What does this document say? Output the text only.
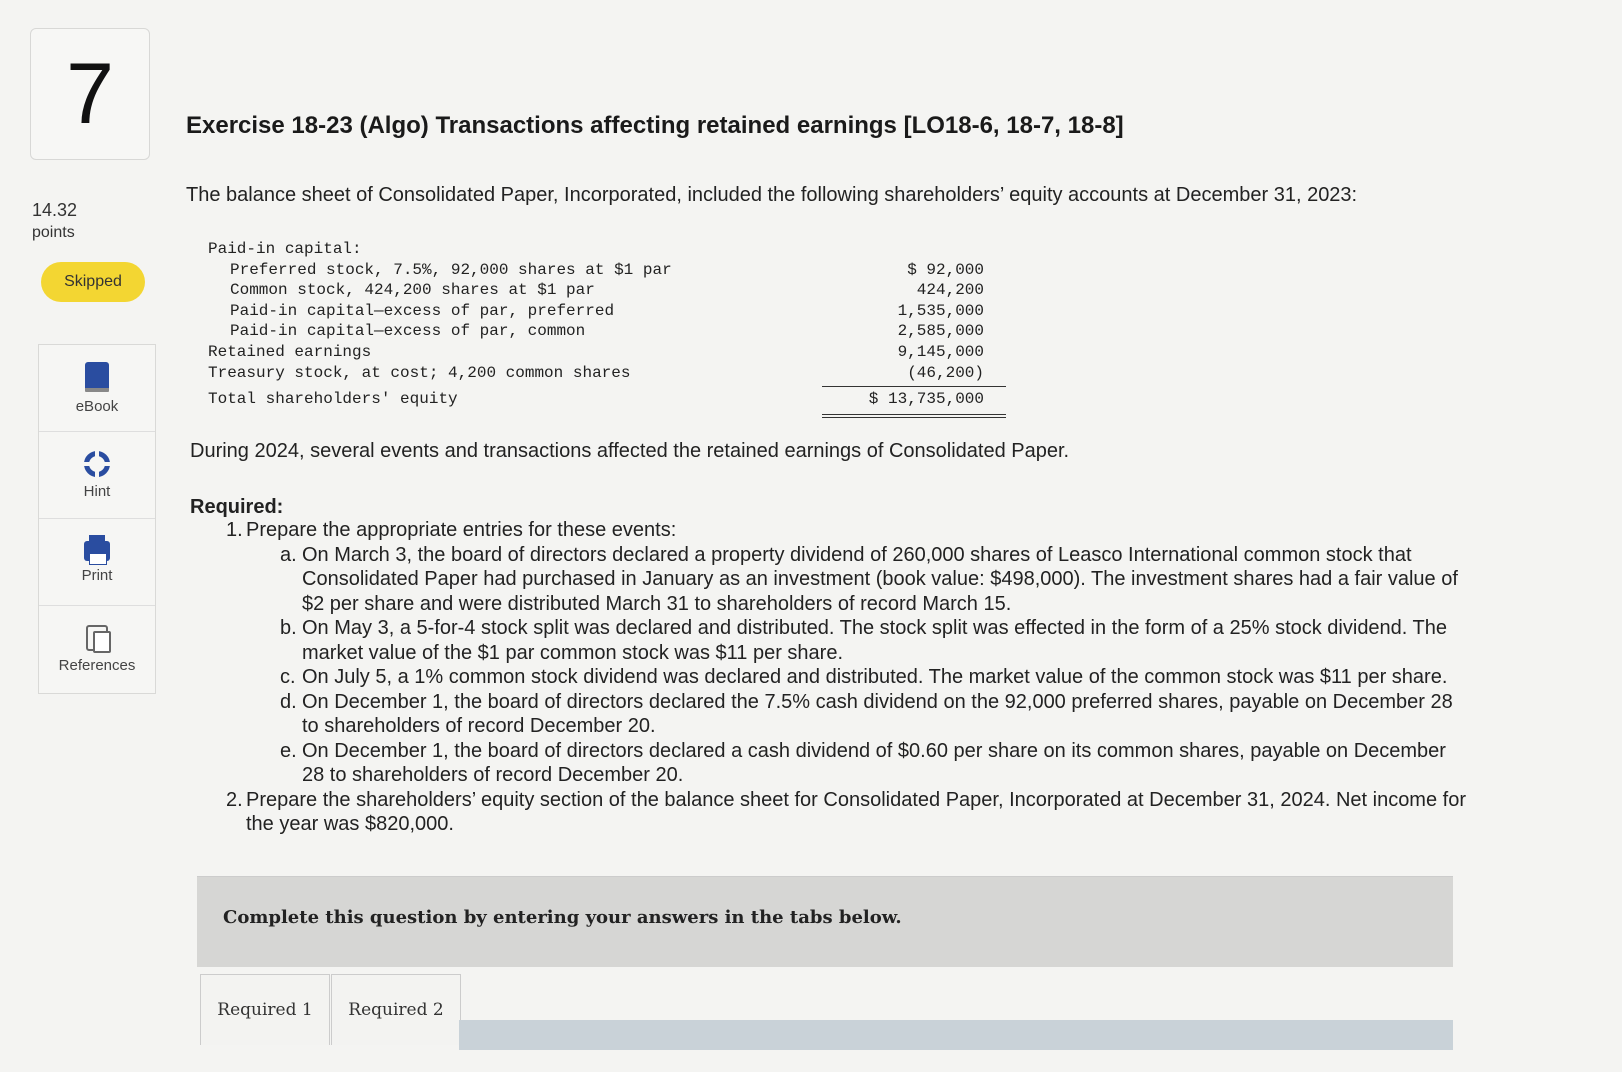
7
14.32
points
Skipped
eBook
Hint
Print
References
Exercise 18-23 (Algo) Transactions affecting retained earnings [LO18-6, 18-7, 18-8]
The balance sheet of Consolidated Paper, Incorporated, included the following shareholders’ equity accounts at December 31, 2023:
Paid-in capital:
Preferred stock, 7.5%, 92,000 shares at $1 par	$ 92,000
Common stock, 424,200 shares at $1 par	424,200
Paid-in capital—excess of par, preferred	1,535,000
Paid-in capital—excess of par, common	2,585,000
Retained earnings	9,145,000
Treasury stock, at cost; 4,200 common shares	(46,200)
Total shareholders' equity	$ 13,735,000
During 2024, several events and transactions affected the retained earnings of Consolidated Paper.
Required:
1. Prepare the appropriate entries for these events:
a. On March 3, the board of directors declared a property dividend of 260,000 shares of Leasco International common stock that Consolidated Paper had purchased in January as an investment (book value: $498,000). The investment shares had a fair value of $2 per share and were distributed March 31 to shareholders of record March 15.
b. On May 3, a 5-for-4 stock split was declared and distributed. The stock split was effected in the form of a 25% stock dividend. The market value of the $1 par common stock was $11 per share.
c. On July 5, a 1% common stock dividend was declared and distributed. The market value of the common stock was $11 per share.
d. On December 1, the board of directors declared the 7.5% cash dividend on the 92,000 preferred shares, payable on December 28 to shareholders of record December 20.
e. On December 1, the board of directors declared a cash dividend of $0.60 per share on its common shares, payable on December 28 to shareholders of record December 20.
2. Prepare the shareholders’ equity section of the balance sheet for Consolidated Paper, Incorporated at December 31, 2024. Net income for the year was $820,000.
Complete this question by entering your answers in the tabs below.
Required 1	Required 2
